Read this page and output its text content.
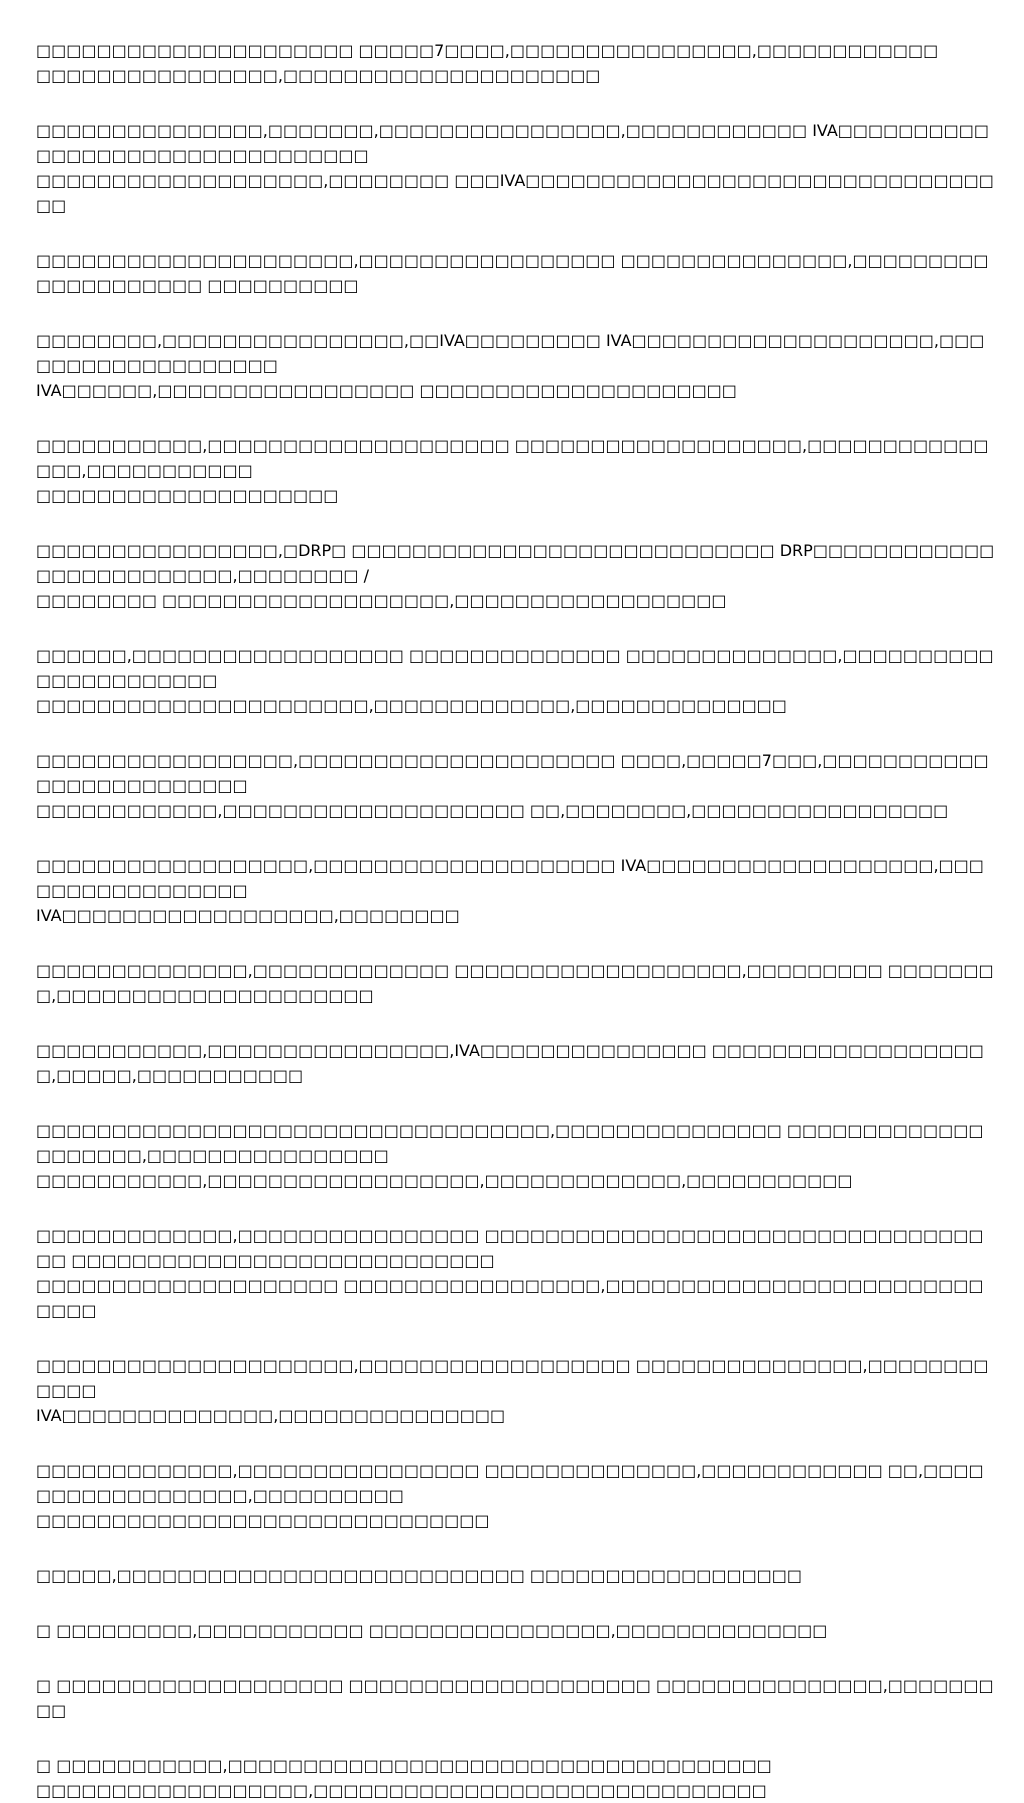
□□□□□□□□□□□□□□□□□□□□□ □□□□□7□□□□,□□□□□□□□□□□□□□□□,□□□□□□□□□□□□
□□□□□□□□□□□□□□□□,□□□□□□□□□□□□□□□□□□□□□

□□□□□□□□□□□□□□□,□□□□□□□,□□□□□□□□□□□□□□□□,□□□□□□□□□□□□ IVA□□□□□□□□□□□□□□□□□□□□□□□□□□□□□□□□
□□□□□□□□□□□□□□□□□□□,□□□□□□□□ □□□IVA□□□□□□□□□□□□□□□□□□□□□□□□□□□□□□□□□

□□□□□□□□□□□□□□□□□□□□□,□□□□□□□□□□□□□□□□□ □□□□□□□□□□□□□□□,□□□□□□□□□□□□□□□□□□□□ □□□□□□□□□□

□□□□□□□□,□□□□□□□□□□□□□□□□,□□IVA□□□□□□□□□ IVA□□□□□□□□□□□□□□□□□□□□,□□□□□□□□□□□□□□□□□□□
IVA□□□□□□,□□□□□□□□□□□□□□□□□ □□□□□□□□□□□□□□□□□□□□□

□□□□□□□□□□□,□□□□□□□□□□□□□□□□□□□□ □□□□□□□□□□□□□□□□□□□,□□□□□□□□□□□□□□□,□□□□□□□□□□□
□□□□□□□□□□□□□□□□□□□□

□□□□□□□□□□□□□□□□,□DRP□ □□□□□□□□□□□□□□□□□□□□□□□□□□□□ DRP□□□□□□□□□□□□□□□□□□□□□□□□□,□□□□□□□□ /
□□□□□□□□ □□□□□□□□□□□□□□□□□□□,□□□□□□□□□□□□□□□□□□

□□□□□□,□□□□□□□□□□□□□□□□□□ □□□□□□□□□□□□□□ □□□□□□□□□□□□□□,□□□□□□□□□□□□□□□□□□□□□□
□□□□□□□□□□□□□□□□□□□□□□,□□□□□□□□□□□□□,□□□□□□□□□□□□□□

□□□□□□□□□□□□□□□□□,□□□□□□□□□□□□□□□□□□□□□ □□□□,□□□□□7□□□,□□□□□□□□□□□□□□□□□□□□□□□□□
□□□□□□□□□□□□,□□□□□□□□□□□□□□□□□□□□ □□,□□□□□□□□,□□□□□□□□□□□□□□□□□

□□□□□□□□□□□□□□□□□□,□□□□□□□□□□□□□□□□□□□□ IVA□□□□□□□□□□□□□□□□□□□,□□□□□□□□□□□□□□□□□
IVA□□□□□□□□□□□□□□□□□□,□□□□□□□□

□□□□□□□□□□□□□□,□□□□□□□□□□□□□ □□□□□□□□□□□□□□□□□□□,□□□□□□□□□ □□□□□□□□,□□□□□□□□□□□□□□□□□□□□□

□□□□□□□□□□□,□□□□□□□□□□□□□□□□,IVA□□□□□□□□□□□□□□□ □□□□□□□□□□□□□□□□□□□,□□□□□,□□□□□□□□□□□

□□□□□□□□□□□□□□□□□□□□□□□□□□□□□□□□□□,□□□□□□□□□□□□□□□ □□□□□□□□□□□□□□□□□□□□,□□□□□□□□□□□□□□□□
□□□□□□□□□□□,□□□□□□□□□□□□□□□□□□,□□□□□□□□□□□□□,□□□□□□□□□□□

□□□□□□□□□□□□□,□□□□□□□□□□□□□□□□ □□□□□□□□□□□□□□□□□□□□□□□□□□□□□□□□□□□ □□□□□□□□□□□□□□□□□□□□□□□□□□□□
□□□□□□□□□□□□□□□□□□□□ □□□□□□□□□□□□□□□□□,□□□□□□□□□□□□□□□□□□□□□□□□□□□□□

□□□□□□□□□□□□□□□□□□□□□,□□□□□□□□□□□□□□□□□□ □□□□□□□□□□□□□□□,□□□□□□□□□□□□
IVA□□□□□□□□□□□□□□,□□□□□□□□□□□□□□□

□□□□□□□□□□□□□,□□□□□□□□□□□□□□□□ □□□□□□□□□□□□□□,□□□□□□□□□□□□ □□,□□□□□□□□□□□□□□□□□□,□□□□□□□□□□
□□□□□□□□□□□□□□□□□□□□□□□□□□□□□□

□□□□□,□□□□□□□□□□□□□□□□□□□□□□□□□□□ □□□□□□□□□□□□□□□□□□

□ □□□□□□□□□,□□□□□□□□□□□ □□□□□□□□□□□□□□□□,□□□□□□□□□□□□□□

□ □□□□□□□□□□□□□□□□□□□ □□□□□□□□□□□□□□□□□□□□ □□□□□□□□□□□□□□□,□□□□□□□□□

□ □□□□□□□□□□□,□□□□□□□□□□□□□□□□□□□□□□□□□□□□□□□□□□□□
□□□□□□□□□□□□□□□□□□,□□□□□□□□□□□□□□□□□□□□□□□□□□□□□□
